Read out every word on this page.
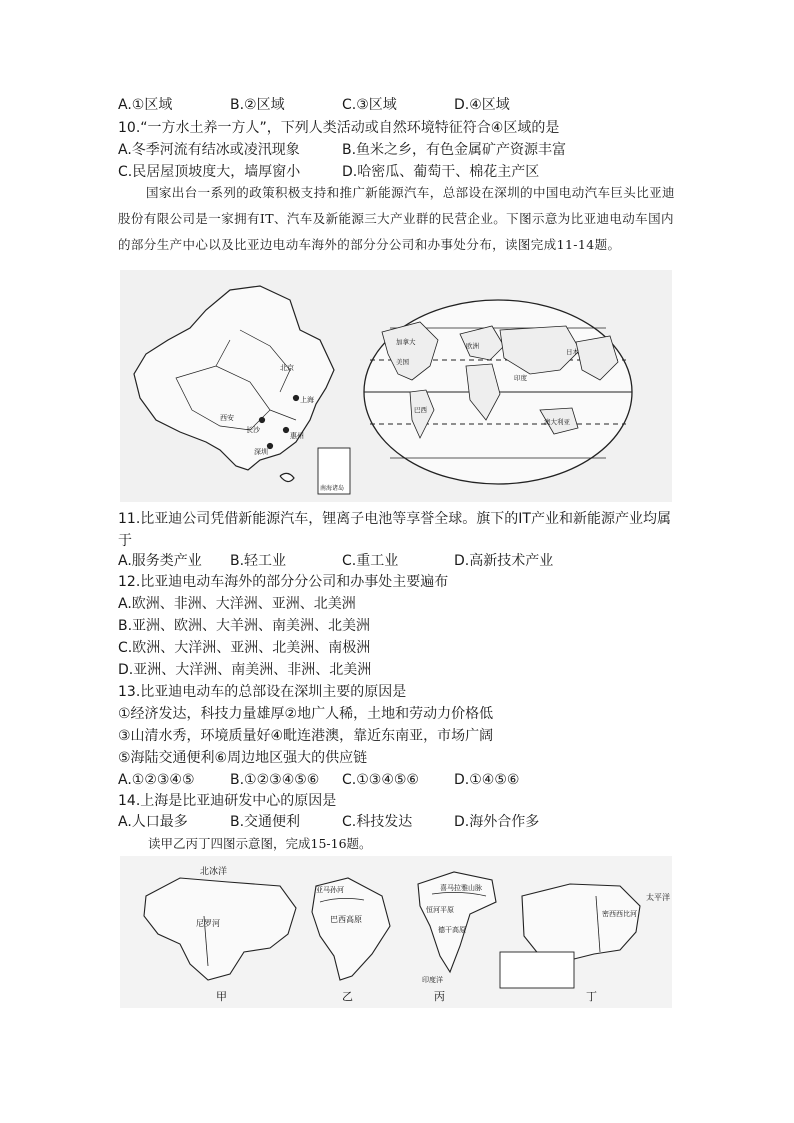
A.①区域	B.②区域	C.③区域	D.④区域
10.“一方水土养一方人”，下列人类活动或自然环境特征符合④区域的是
A.冬季河流有结冰或凌汛现象	B.鱼米之乡，有色金属矿产资源丰富
C.民居屋顶坡度大，墙厚窗小	D.哈密瓜、葡萄干、棉花主产区
国家出台一系列的政策积极支持和推广新能源汽车，总部设在深圳的中国电动汽车巨头比亚迪股份有限公司是一家拥有IT、汽车及新能源三大产业群的民营企业。下图示意为比亚迪电动车国内的部分生产中心以及比亚边电动车海外的部分分公司和办事处分布，读图完成11-14题。
西安
长沙
深圳
上海
北京
惠州
南海诸岛
加拿大
美国
巴西
日本
印度
澳大利亚
欧洲
11.比亚迪公司凭借新能源汽车，锂离子电池等享誉全球。旗下的IT产业和新能源产业均属于
A.服务类产业 B.轻工业	C.重工业	D.高新技术产业
12.比亚迪电动车海外的部分分公司和办事处主要遍布
A.欧洲、非洲、大洋洲、亚洲、北美洲
B.亚洲、欧洲、大羊洲、南美洲、北美洲
C.欧洲、大洋洲、亚洲、北美洲、南极洲
D.亚洲、大洋洲、南美洲、非洲、北美洲
13.比亚迪电动车的总部设在深圳主要的原因是
①经济发达，科技力量雄厚②地广人稀，土地和劳动力价格低
③山清水秀，环境质量好④毗连港澳，靠近东南亚，市场广阔
⑤海陆交通便利⑥周边地区强大的供应链
A.①②③④⑤	B.①②③④⑤⑥ C.①③④⑤⑥	D.①④⑤⑥
14.上海是比亚迪研发中心的原因是
A.人口最多	B.交通便利	C.科技发达	D.海外合作多
读甲乙丙丁四图示意图，完成15-16题。
北冰洋
尼罗河
亚马孙河
巴西高原
喜马拉雅山脉
恒河平原
德干高原
印度洋
太平洋
密西西比河
甲	乙	丙	丁
